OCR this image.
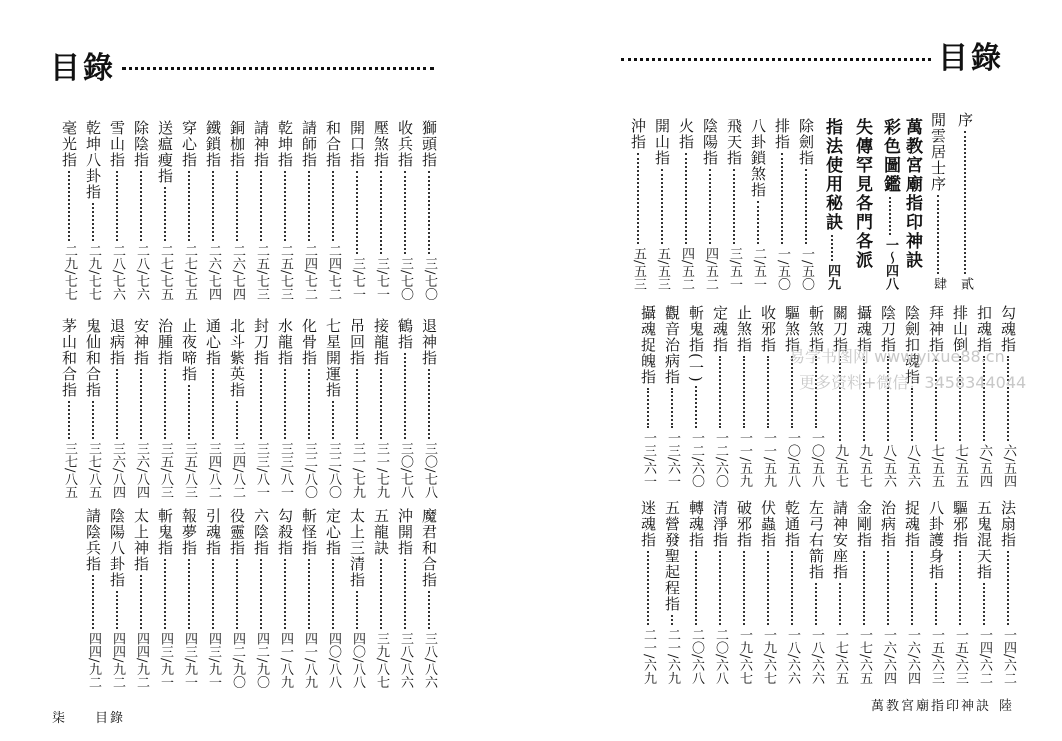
目錄
獅頭指
三/七〇
收兵指
三/七〇
壓煞指
三/七一
開口指
三/七一
和合指
二四/七二
請師指
二四/七二
乾坤指
二五/七三
請神指
二五/七三
銅枷指
二六/七四
鐵鎖指
二六/七四
穿心指
二七/七五
送瘟瘦指
二七/七五
除陰指
二八/七六
雪山指
二八/七六
乾坤八卦指
二九/七七
毫光指
二九/七七
退神指
三〇/七八
鶴指
三〇/七八
接龍指
三一/七九
吊回指
三一/七九
七星開運指
三二/八〇
化骨指
三二/八〇
水龍指
三三/八一
封刀指
三三/八一
北斗紫英指
三四/八二
通心指
三四/八二
止夜啼指
三五/八三
治腫指
三五/八三
安神指
三六/八四
退病指
三六/八四
鬼仙和合指
三七/八五
茅山和合指
三七/八五
魔君和合指
三八/八六
沖開指
三八/八六
五龍訣
三九/八七
太上三清指
四〇/八八
定心指
四〇/八八
斬怪指
四一/八九
勾殺指
四一/八九
六陰指
四二/九〇
役靈指
四二/九〇
引魂指
四三/九一
報夢指
四三/九一
斬鬼指
四三/九一
太上神指
四四/九二
陰陽八卦指
四四/九二
請陰兵指
四四/九二
柒 目錄
目錄
序
貳
閒雲居士序
肆
萬教宮廟指印神訣
彩色圖鑑
一〜四八
失傳罕見各門各派
指法使用秘訣
四九
除劍指
一/五〇
排指
一/五〇
八卦鎖煞指
二/五一
飛天指
三/五一
陰陽指
四/五二
火指
四/五二
開山指
五/五三
沖指
五/五三
勾魂指
六/五四
扣魂指
六/五四
排山倒
七/五五
拜神指
七/五五
陰劍扣魂指
八/五六
陰刀指
八/五六
攝魂指
九/五七
關刀指
九/五七
斬煞指
一〇/五八
驅煞指
一〇/五八
收邪指
一一/五九
止煞指
一一/五九
定魂指
一二/六〇
斬鬼指(一)
一二/六〇
觀音治病指
一三/六一
攝魂捉魄指
一三/六一
法扇指
一四/六二
五鬼混天指
一四/六二
驅邪指
一五/六三
八卦護身指
一五/六三
捉魂指
一六/六四
治病指
一六/六四
金剛指
一七/六五
請神安座指
一七/六五
左弓右箭指
一八/六六
乾通指
一八/六六
伏蟲指
一九/六七
破邪指
一九/六七
清淨指
二〇/六八
轉魂指
二〇/六八
五營發聖起程指
二一/六九
迷魂指
二一/六九
萬教宮廟指印神訣 陸
易学书图网 www.yixue88.cn
更多资料+微信：3458344044
